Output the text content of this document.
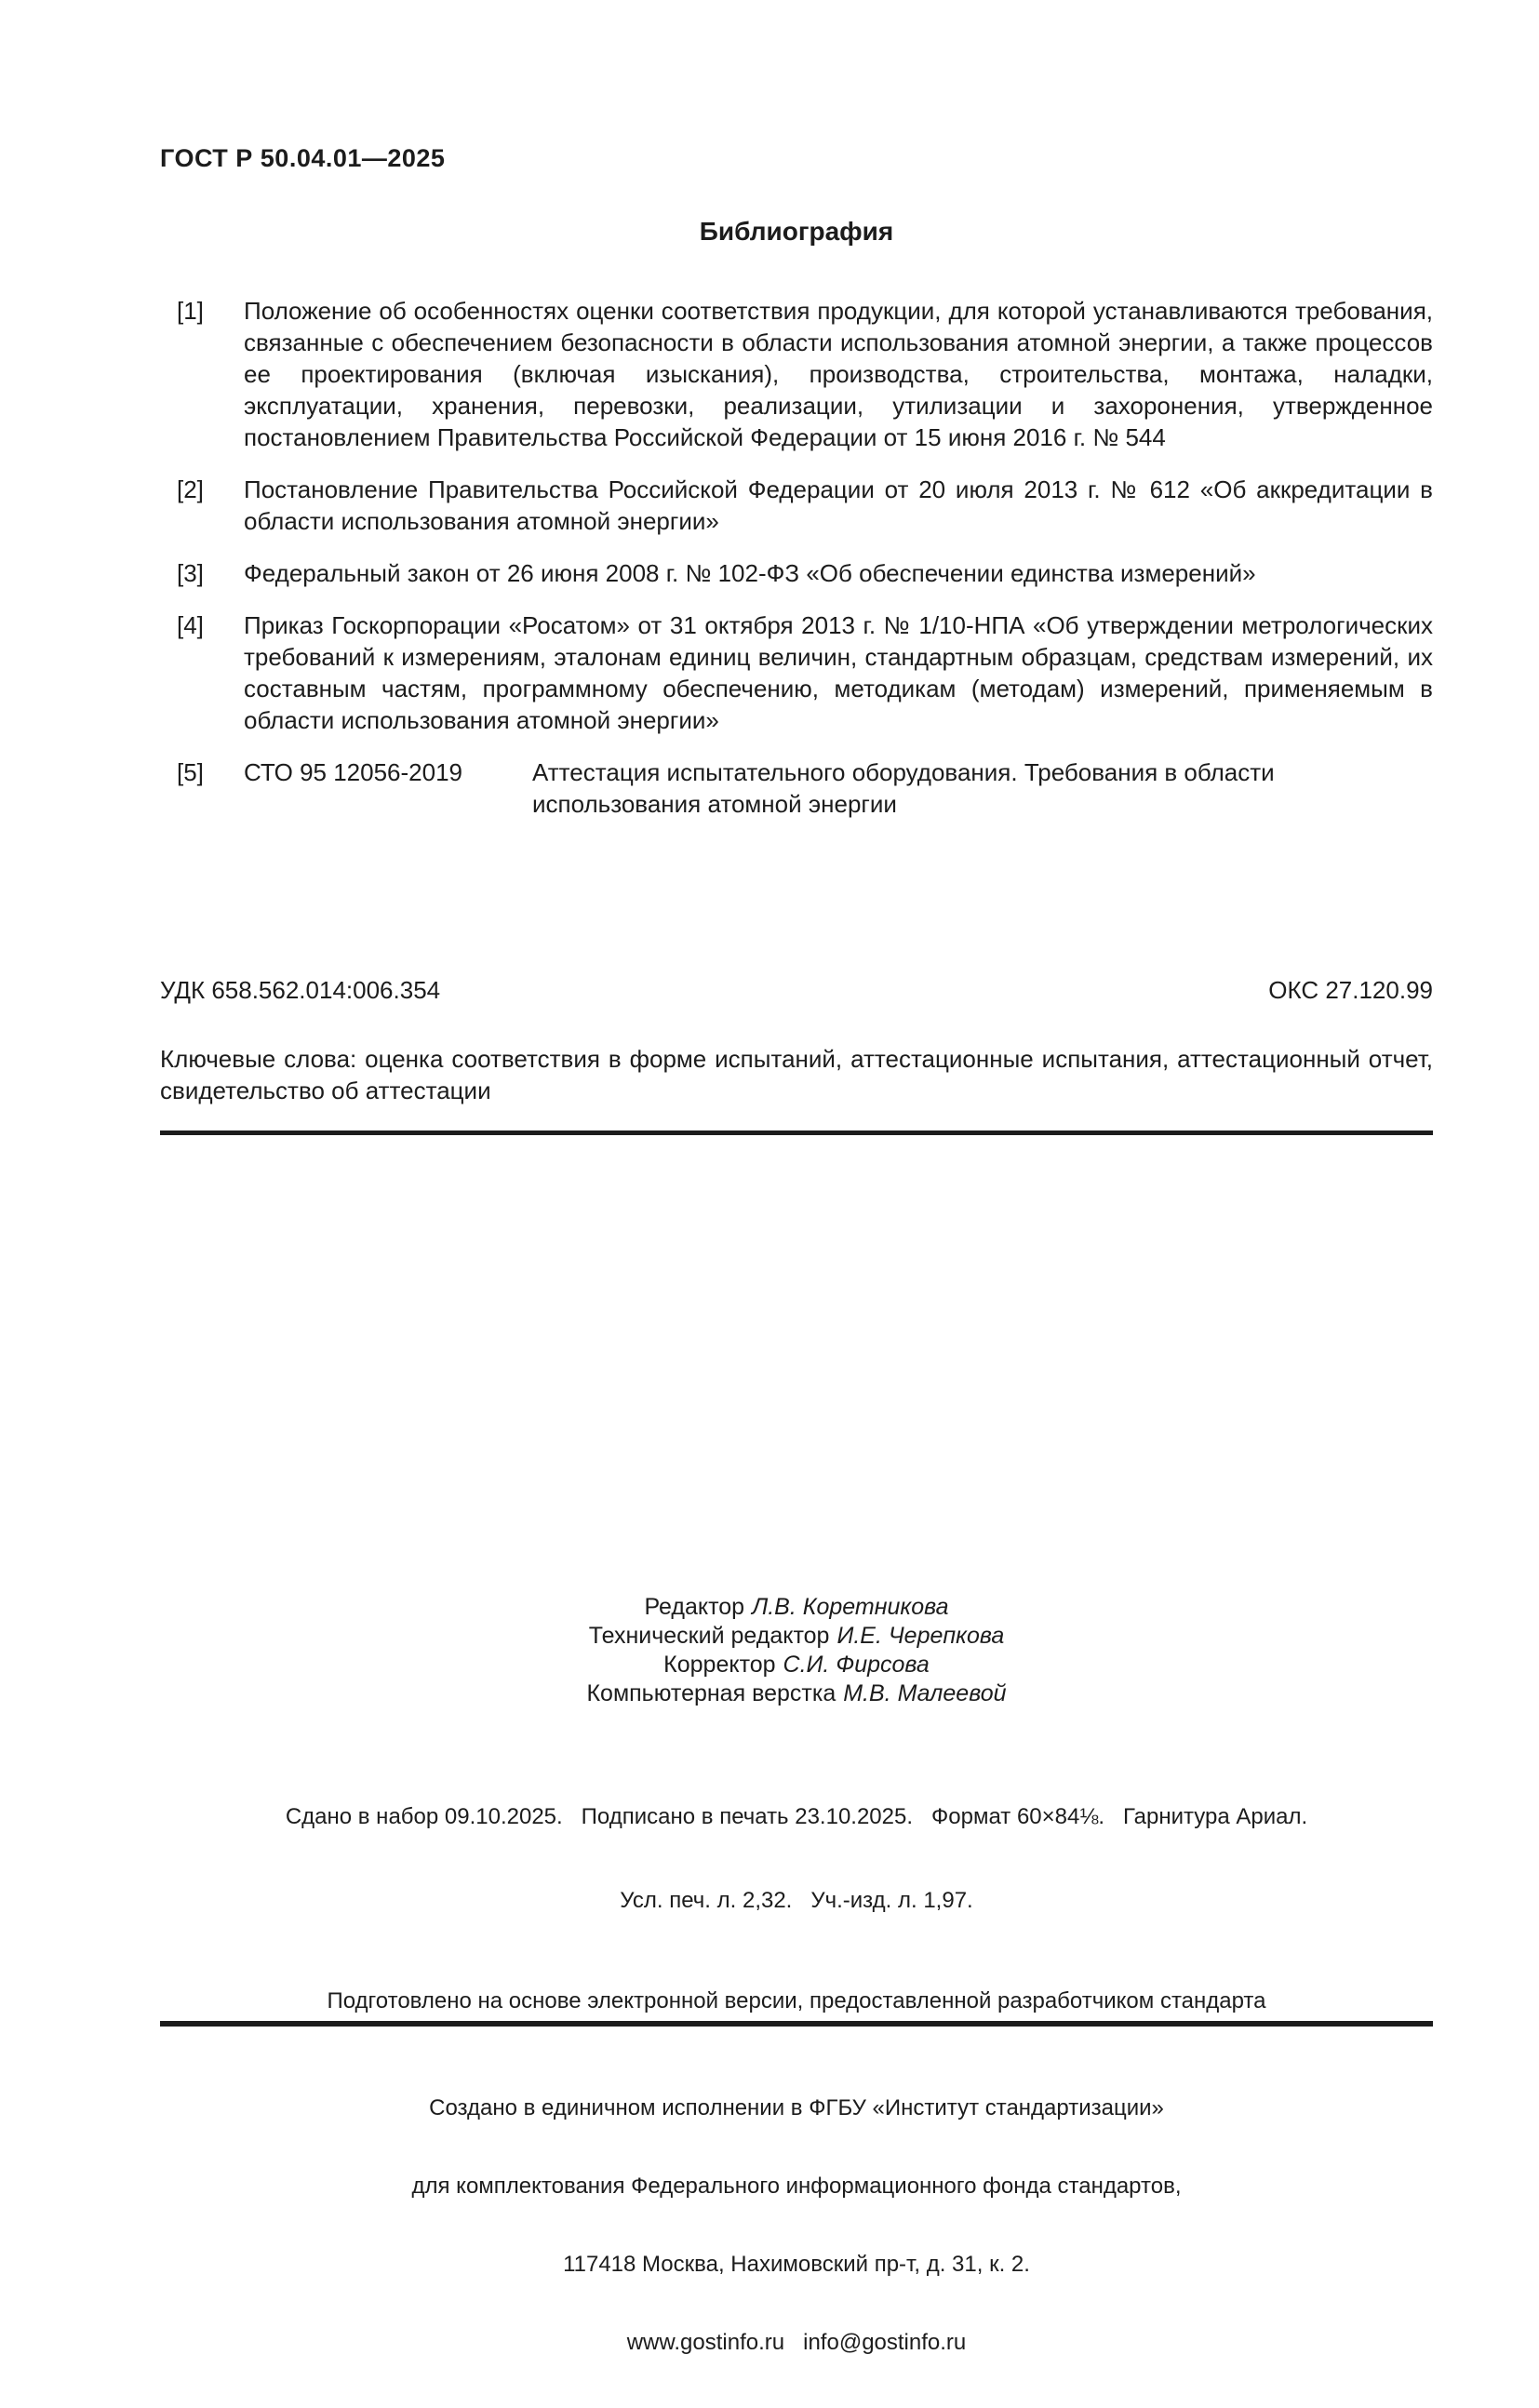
ГОСТ Р 50.04.01—2025
Библиография
[1]	Положение об особенностях оценки соответствия продукции, для которой устанавливаются требования, связанные с обеспечением безопасности в области использования атомной энергии, а также процессов ее проектирования (включая изыскания), производства, строительства, монтажа, наладки, эксплуатации, хранения, перевозки, реализации, утилизации и захоронения, утвержденное постановлением Правительства Российской Федерации от 15 июня 2016 г. № 544
[2]	Постановление Правительства Российской Федерации от 20 июля 2013 г. № 612 «Об аккредитации в области использования атомной энергии»
[3]	Федеральный закон от 26 июня 2008 г. № 102-ФЗ «Об обеспечении единства измерений»
[4]	Приказ Госкорпорации «Росатом» от 31 октября 2013 г. № 1/10-НПА «Об утверждении метрологических требований к измерениям, эталонам единиц величин, стандартным образцам, средствам измерений, их составным частям, программному обеспечению, методикам (методам) измерений, применяемым в области использования атомной энергии»
[5]	СТО 95 12056-2019	Аттестация испытательного оборудования. Требования в области использования атомной энергии
УДК 658.562.014:006.354	ОКС 27.120.99
Ключевые слова: оценка соответствия в форме испытаний, аттестационные испытания, аттестационный отчет, свидетельство об аттестации
Редактор Л.В. Коретникова
Технический редактор И.Е. Черепкова
Корректор С.И. Фирсова
Компьютерная верстка М.В. Малеевой

Сдано в набор 09.10.2025.   Подписано в печать 23.10.2025.   Формат 60×84⅛.   Гарнитура Ариал.

Усл. печ. л. 2,32.   Уч.-изд. л. 1,97.

Подготовлено на основе электронной версии, предоставленной разработчиком стандарта

Создано в единичном исполнении в ФГБУ «Институт стандартизации»

для комплектования Федерального информационного фонда стандартов,

117418 Москва, Нахимовский пр-т, д. 31, к. 2.

www.gostinfo.ru   info@gostinfo.ru
